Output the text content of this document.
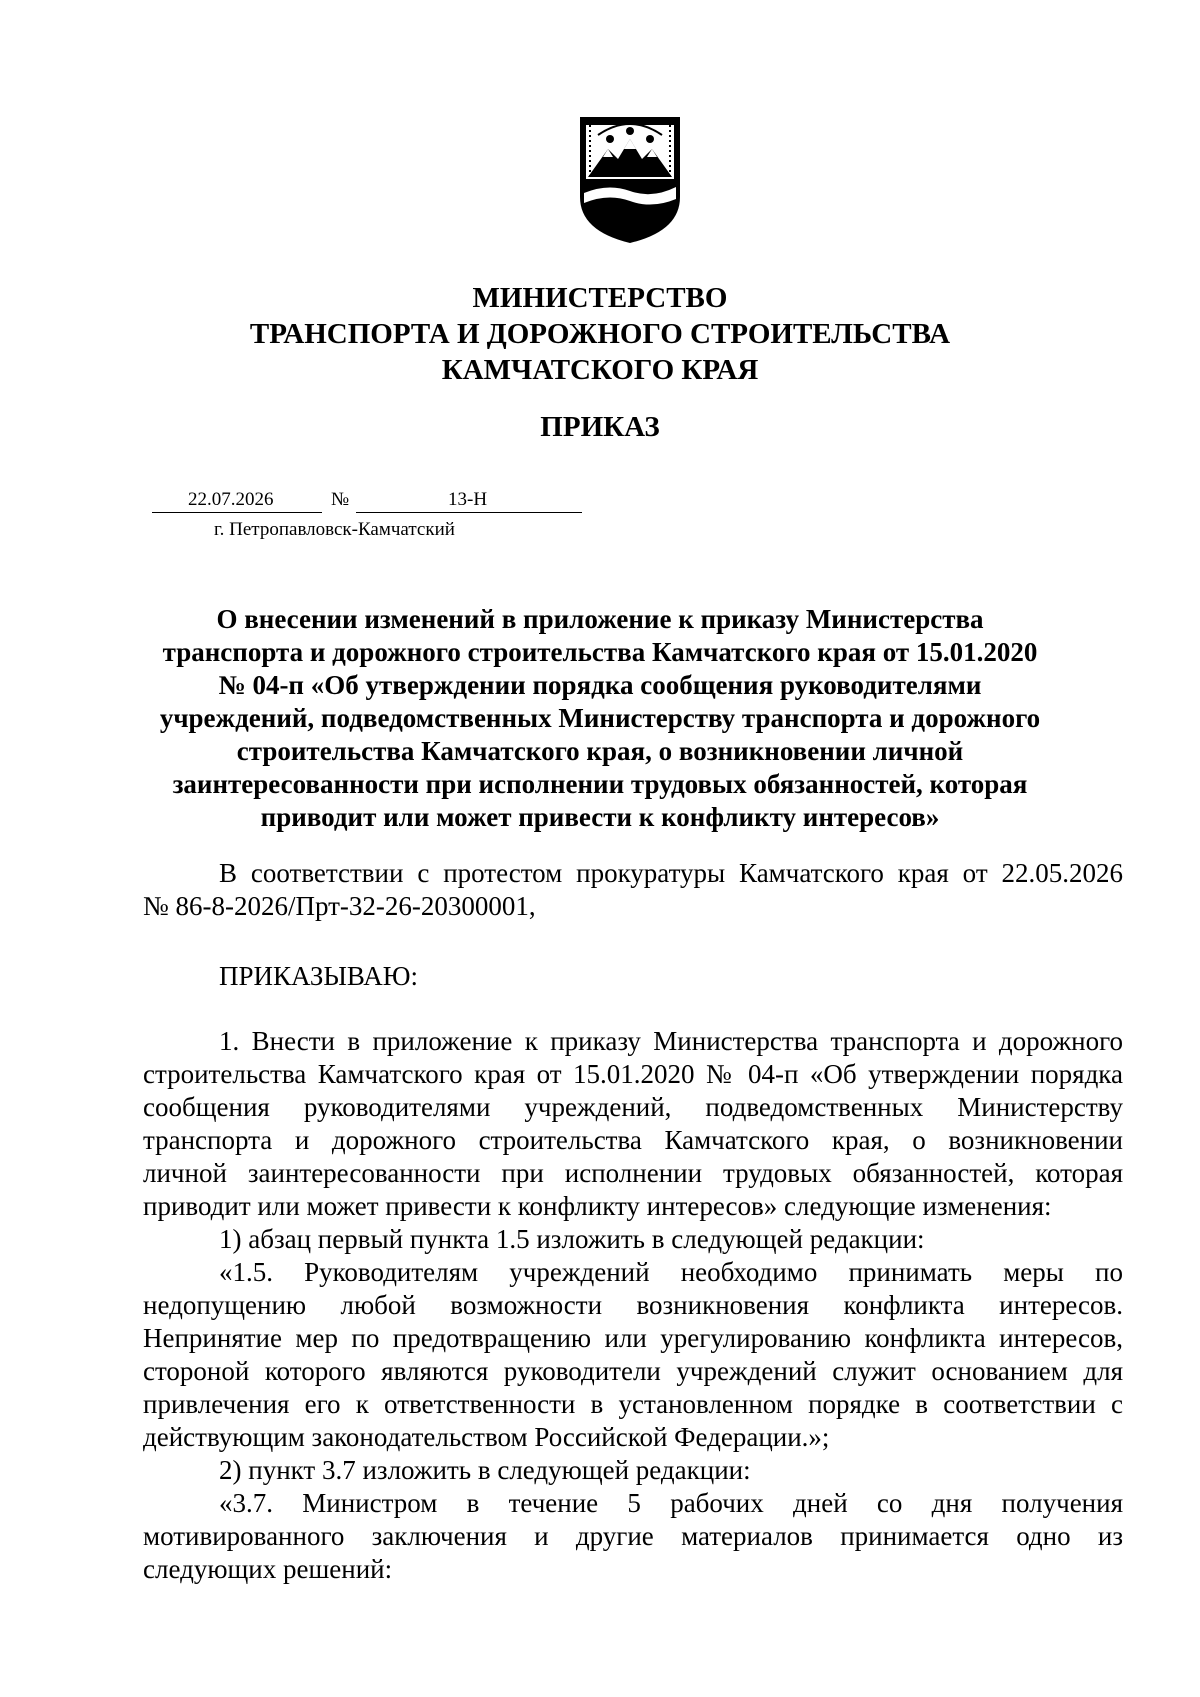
МИНИСТЕРСТВО
ТРАНСПОРТА И ДОРОЖНОГО СТРОИТЕЛЬСТВА
КАМЧАТСКОГО КРАЯ
ПРИКАЗ
22.07.2026	№	13-Н
г. Петропавловск-Камчатский
О внесении изменений в приложение к приказу Министерства
транспорта и дорожного строительства Камчатского края от 15.01.2020
№ 04-п «Об утверждении порядка сообщения руководителями
учреждений, подведомственных Министерству транспорта и дорожного
строительства Камчатского края, о возникновении личной
заинтересованности при исполнении трудовых обязанностей, которая
приводит или может привести к конфликту интересов»
В соответствии с протестом прокуратуры Камчатского края от 22.05.2026
№ 86-8-2026/Прт-32-26-20300001,
ПРИКАЗЫВАЮ:
1. Внести в приложение к приказу Министерства транспорта и дорожного
строительства Камчатского края от 15.01.2020 № 04-п «Об утверждении порядка
сообщения руководителями учреждений, подведомственных Министерству
транспорта и дорожного строительства Камчатского края, о возникновении
личной заинтересованности при исполнении трудовых обязанностей, которая
приводит или может привести к конфликту интересов» следующие изменения:
1) абзац первый пункта 1.5 изложить в следующей редакции:
«1.5. Руководителям учреждений необходимо принимать меры по
недопущению любой возможности возникновения конфликта интересов.
Непринятие мер по предотвращению или урегулированию конфликта интересов,
стороной которого являются руководители учреждений служит основанием для
привлечения его к ответственности в установленном порядке в соответствии с
действующим законодательством Российской Федерации.»;
2) пункт 3.7 изложить в следующей редакции:
«3.7. Министром в течение 5 рабочих дней со дня получения
мотивированного заключения и другие материалов принимается одно из
следующих решений:
